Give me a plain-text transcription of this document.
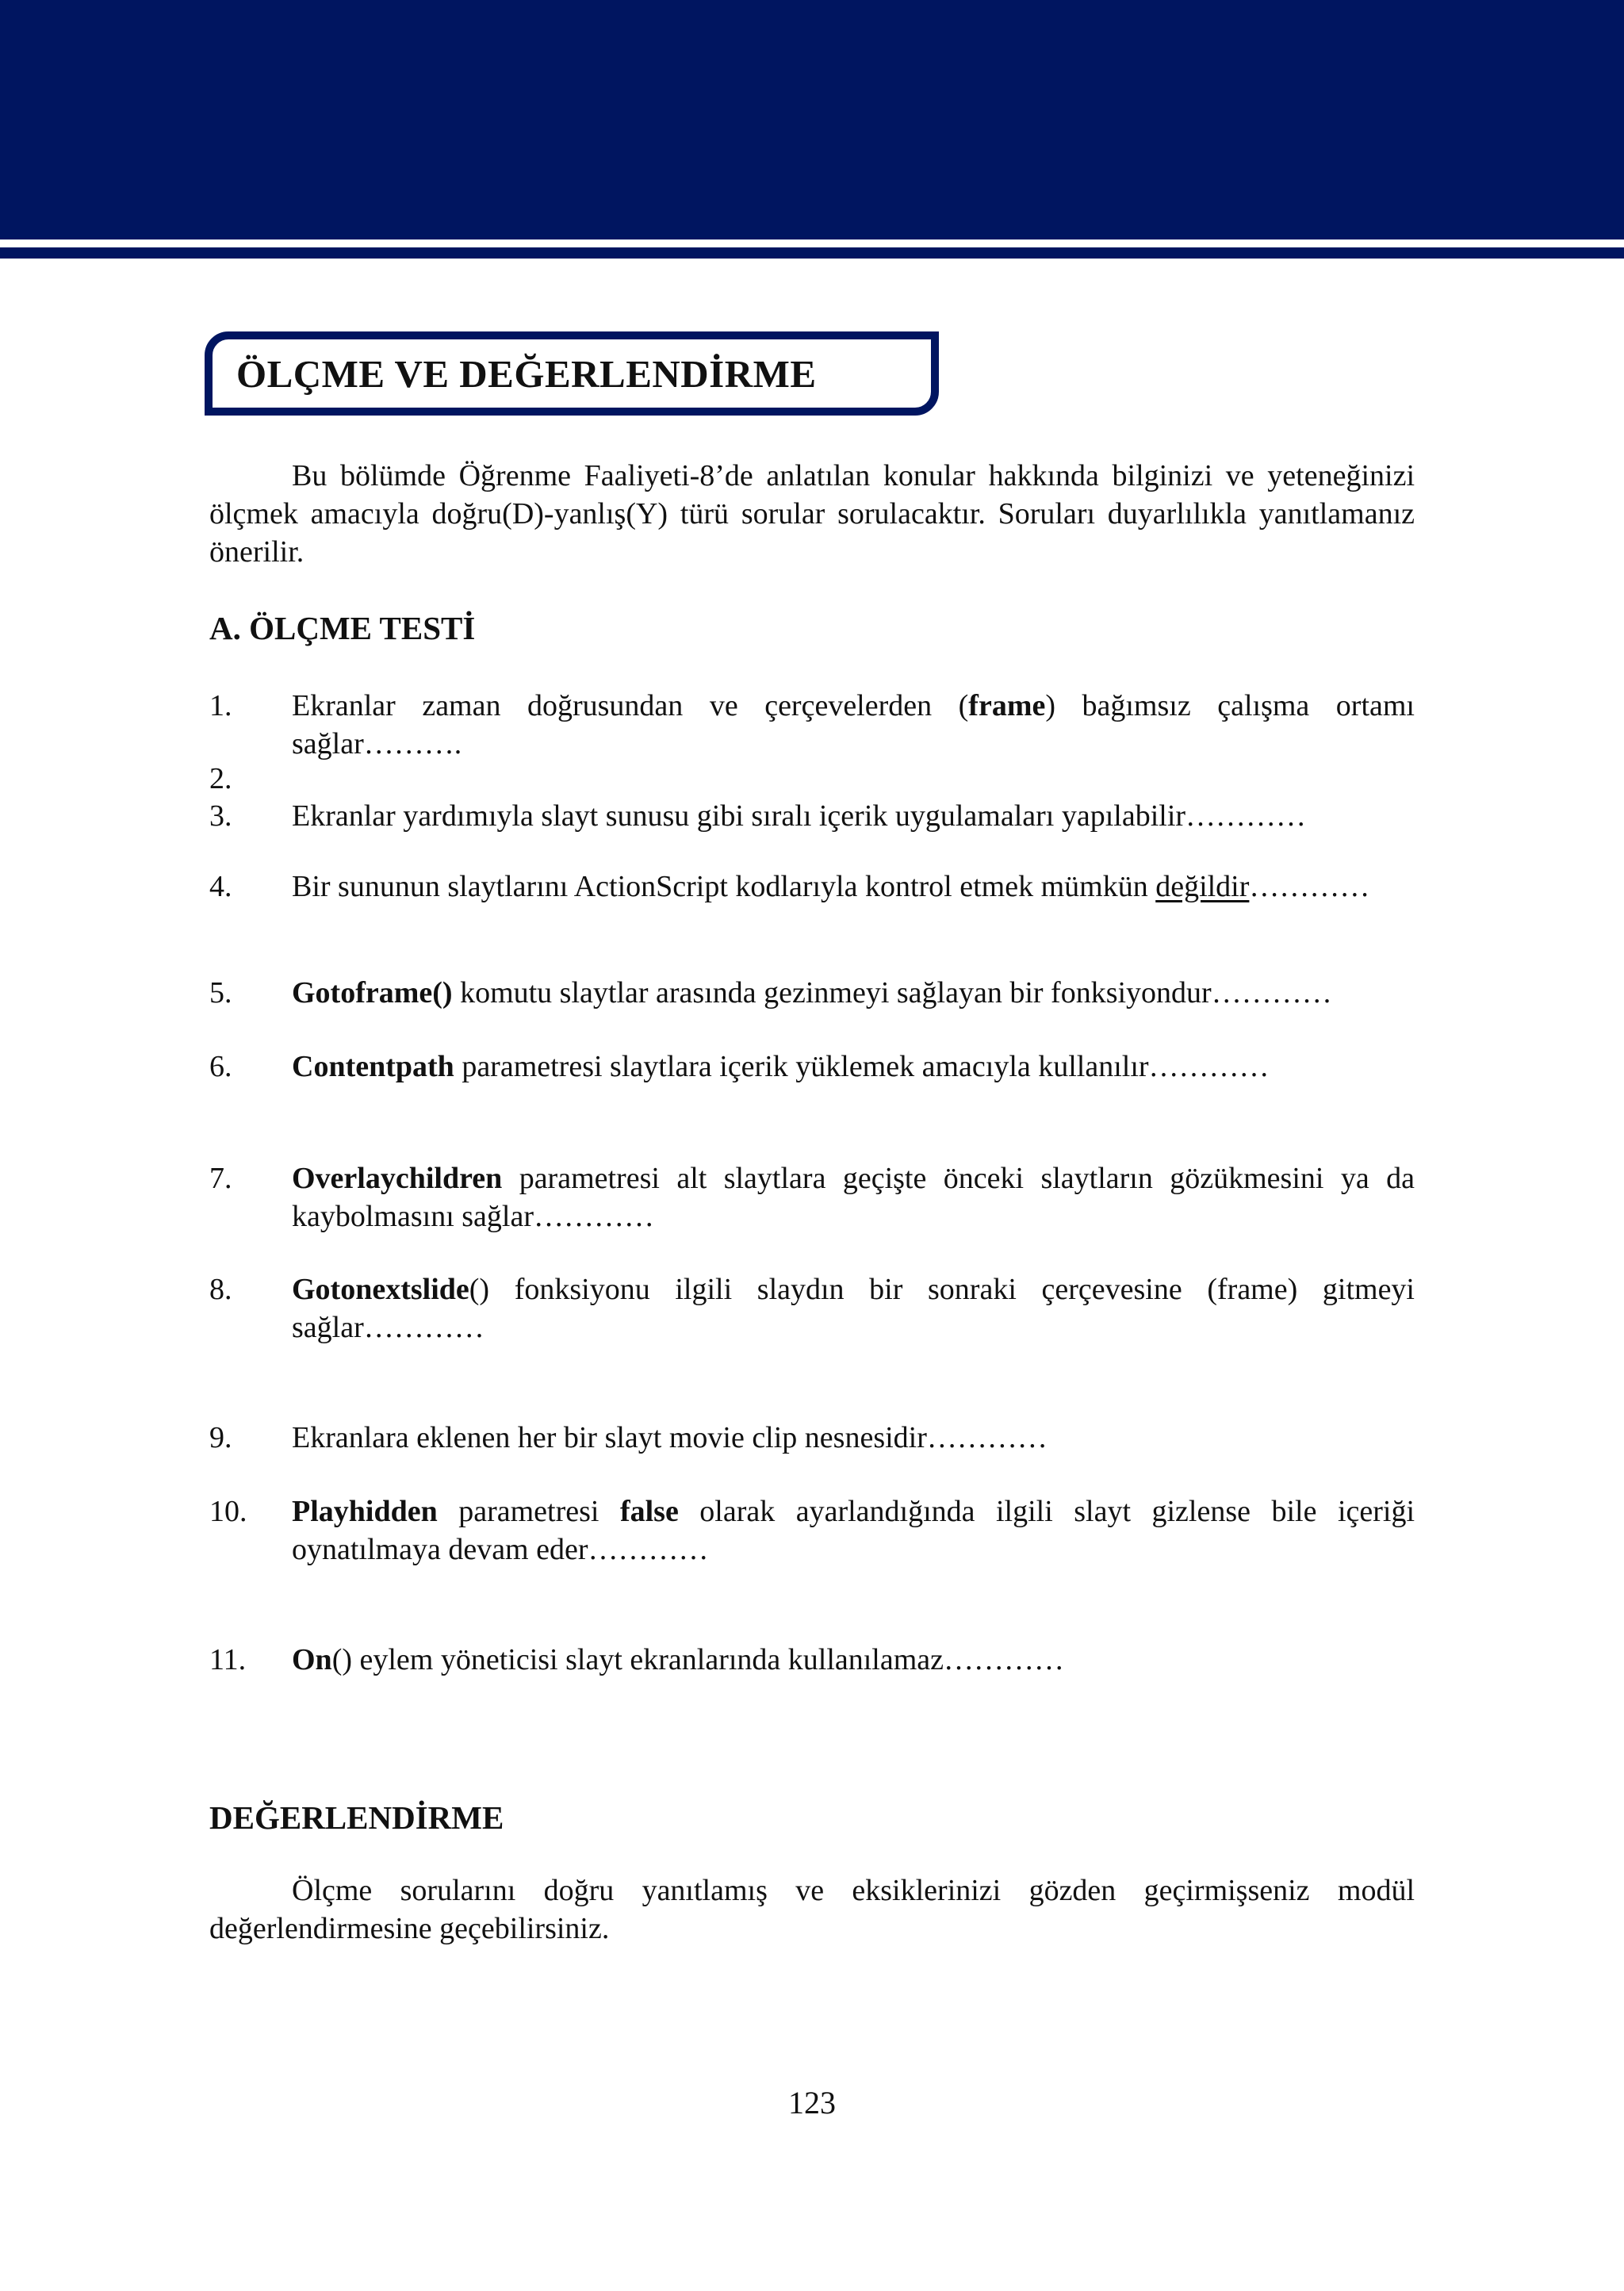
ÖLÇME VE DEĞERLENDİRME

Bu bölümde Öğrenme Faaliyeti-8’de anlatılan konular hakkında bilginizi ve yeteneğinizi ölçmek amacıyla doğru(D)-yanlış(Y) türü sorular sorulacaktır. Soruları duyarlılıkla yanıtlamanız önerilir.

A. ÖLÇME TESTİ
1. Ekranlar zaman doğrusundan ve çerçevelerden (frame) bağımsız çalışma ortamı sağlar……….
2.
3. Ekranlar yardımıyla slayt sunusu gibi sıralı içerik uygulamaları yapılabilir…………
4. Bir sununun slaytlarını ActionScript kodlarıyla kontrol etmek mümkün değildir…………
5. Gotoframe() komutu slaytlar arasında gezinmeyi sağlayan bir fonksiyondur…………
6. Contentpath parametresi slaytlara içerik yüklemek amacıyla kullanılır…………
7. Overlaychildren parametresi alt slaytlara geçişte önceki slaytların gözükmesini ya da kaybolmasını sağlar…………
8. Gotonextslide() fonksiyonu ilgili slaydın bir sonraki çerçevesine (frame) gitmeyi sağlar…………
9. Ekranlara eklenen her bir slayt movie clip nesnesidir…………
10. Playhidden parametresi false olarak ayarlandığında ilgili slayt gizlense bile içeriği oynatılmaya devam eder…………
11. On() eylem yöneticisi slayt ekranlarında kullanılamaz…………
DEĞERLENDİRME

Ölçme sorularını doğru yanıtlamış ve eksiklerinizi gözden geçirmişseniz modül değerlendirmesine geçebilirsiniz.

123
